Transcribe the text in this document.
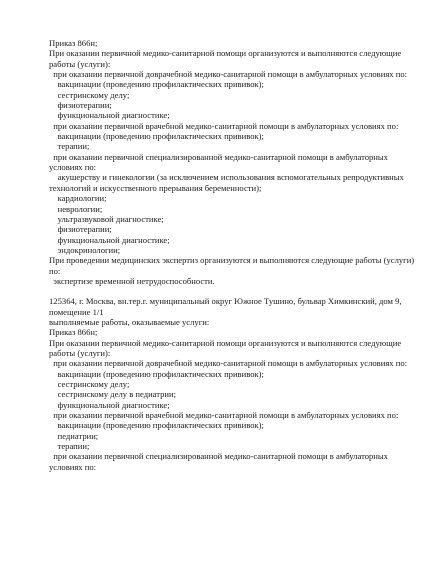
Приказ 866н;
При оказании первичной медико-санитарной помощи организуются и выполняются следующие работы (услуги):
при оказании первичной доврачебной медико-санитарной помощи в амбулаторных условиях по:
вакцинации (проведению профилактических прививок);
сестринскому делу;
физиотерапии;
функциональной диагностике;
при оказании первичной врачебной медико-санитарной помощи в амбулаторных условиях по:
вакцинации (проведению профилактических прививок);
терапии;
при оказании первичной специализированной медико-санитарной помощи в амбулаторных условиях по:
акушерству и гинекологии (за исключением использования вспомогательных репродуктивных технологий и искусственного прерывания беременности);
кардиологии;
неврологии;
ультразвуковой диагностике;
физиотерапии;
функциональной диагностике;
эндокринологии;
При проведении медицинских экспертиз организуются и выполняются следующие работы (услуги) по:
экспертизе временной нетрудоспособности.
125364, г. Москва, вн.тер.г. муниципальный округ Южное Тушино, бульвар Химкинский, дом 9, помещение 1/1
выполняемые работы, оказываемые услуги:
Приказ 866н;
При оказании первичной медико-санитарной помощи организуются и выполняются следующие работы (услуги):
при оказании первичной доврачебной медико-санитарной помощи в амбулаторных условиях по:
вакцинации (проведению профилактических прививок);
сестринскому делу;
сестринскому делу в педиатрии;
функциональной диагностике;
при оказании первичной врачебной медико-санитарной помощи в амбулаторных условиях по:
вакцинации (проведению профилактических прививок);
педиатрии;
терапии;
при оказании первичной специализированной медико-санитарной помощи в амбулаторных условиях по:
